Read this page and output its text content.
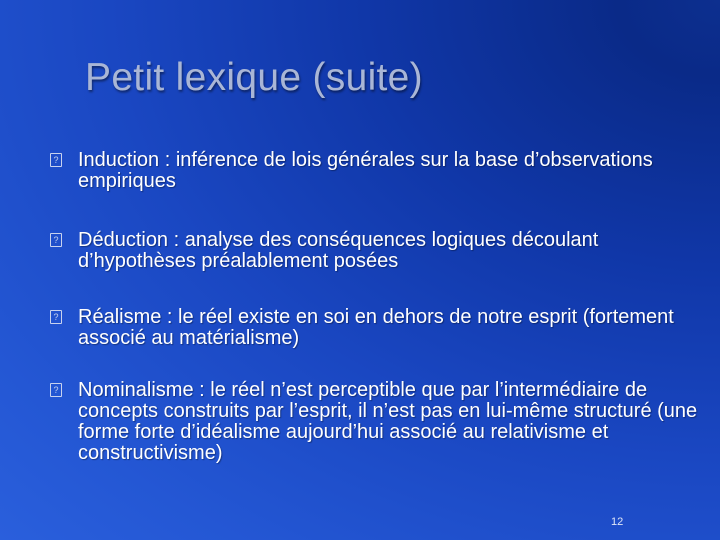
Petit lexique (suite)
? Induction : inférence de lois générales sur la base d’observations empiriques
? Déduction : analyse des conséquences logiques découlant d’hypothèses préalablement posées
? Réalisme : le réel existe en soi en dehors de notre esprit (fortement associé au matérialisme)
? Nominalisme : le réel n’est perceptible que par l’intermédiaire de concepts construits par l’esprit, il n’est pas en lui-même structuré (une forme forte d’idéalisme aujourd’hui associé au relativisme et constructivisme)
12
